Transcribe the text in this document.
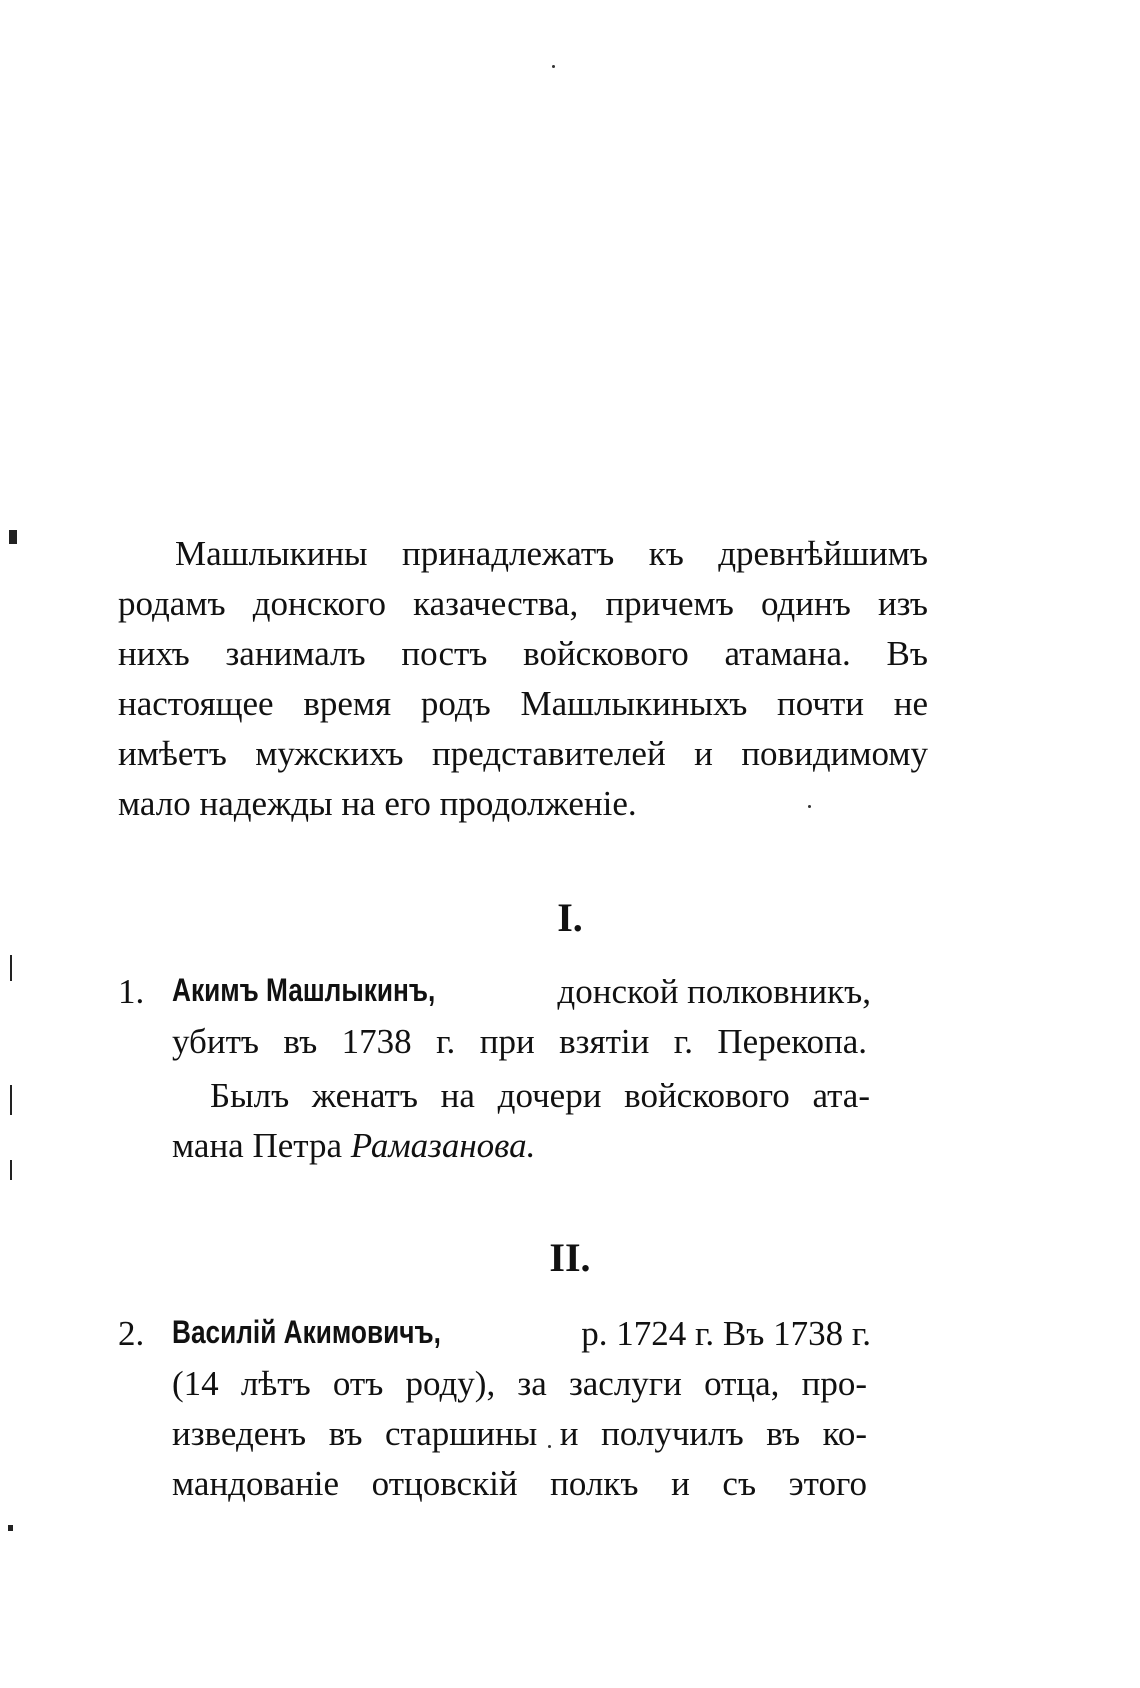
Машлыкины принадлежатъ къ древнѣйшимъ

родамъ донского казачества, причемъ одинъ изъ

нихъ занималъ постъ войскового атамана. Въ

настоящее время родъ Машлыкиныхъ почти не

имѣетъ мужскихъ представителей и повидимому

мало надежды на его продолженіе.

I.
1. Акимъ Машлыкинъ,	донской полковникъ,

убитъ въ 1738 г. при взятіи г. Перекопа.

Былъ женатъ на дочери войскового ата-

мана Петра Рамазанова.

II.
2. Василій Акимовичъ,	р. 1724 г. Въ 1738 г.

(14 лѣтъ отъ роду), за заслуги отца, про-

изведенъ въ старшины и получилъ въ ко-

мандованіе отцовскій полкъ и съ этого
